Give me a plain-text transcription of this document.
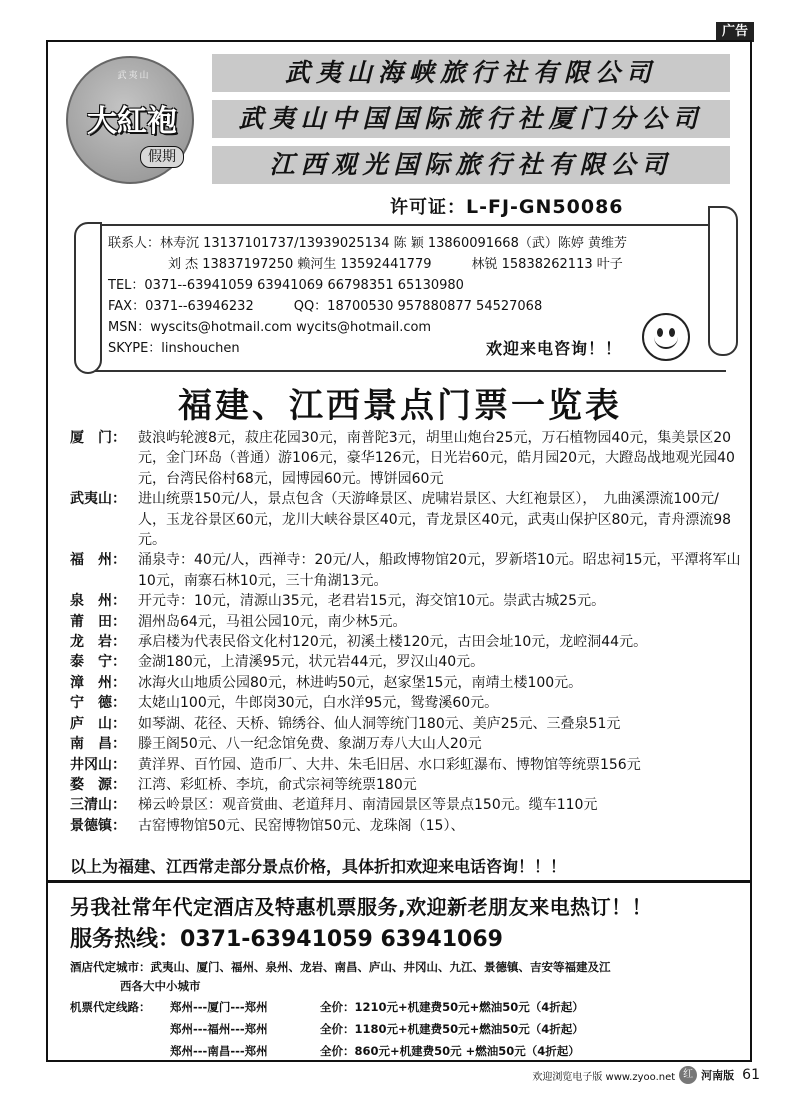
广告
武夷山
大紅袍
假期
武夷山海峡旅行社有限公司
武夷山中国国际旅行社厦门分公司
江西观光国际旅行社有限公司
许可证：L-FJ-GN50086
联系人：林寿沉 13137101737/13939025134 陈 颖 13860091668（武）陈婷 黄维芳
刘 杰 13837197250 赖河生 13592441779	林锐 15838262113 叶子
TEL：0371--63941059 63941069 66798351 65130980
FAX：0371--63946232	QQ：18700530 957880877 54527068
MSN：wyscits@hotmail.com wycits@hotmail.com
SKYPE：linshouchen	欢迎来电咨询！！
福建、江西景点门票一览表
厦　门： 鼓浪屿轮渡8元，菽庄花园30元，南普陀3元，胡里山炮台25元，万石植物园40元，集美景区20元，金门环岛（普通）游106元，豪华126元，日光岩60元，皓月园20元，大蹬岛战地观光园40元，台湾民俗村68元，园博园60元。博饼园60元
武夷山： 进山统票150元/人，景点包含（天游峰景区、虎啸岩景区、大红袍景区），　九曲溪漂流100元/人，玉龙谷景区60元，龙川大峡谷景区40元，青龙景区40元，武夷山保护区80元，青舟漂流98元。
福　州： 涌泉寺：40元/人，西禅寺：20元/人，船政博物馆20元，罗新塔10元。昭忠祠15元，平潭将军山10元，南寨石林10元，三十角湖13元。
泉　州： 开元寺：10元，清源山35元，老君岩15元，海交馆10元。崇武古城25元。
莆　田： 湄州岛64元，马祖公园10元，南少林5元。
龙　岩： 承启楼为代表民俗文化村120元，初溪土楼120元，古田会址10元，龙崆洞44元。
泰　宁： 金湖180元，上清溪95元，状元岩44元，罗汉山40元。
漳　州： 冰海火山地质公园80元，林进屿50元，赵家堡15元，南靖土楼100元。
宁　德： 太姥山100元，牛郎岗30元，白水洋95元，鸳鸯溪60元。
庐　山： 如琴湖、花径、天桥、锦绣谷、仙人洞等统门180元、美庐25元、三叠泉51元
南　昌： 滕王阁50元、八一纪念馆免费、象湖万寿八大山人20元
井冈山： 黄洋界、百竹园、造币厂、大井、朱毛旧居、水口彩虹瀑布、博物馆等统票156元
婺　源： 江湾、彩虹桥、李坑，俞式宗祠等统票180元
三清山： 梯云岭景区：观音赏曲、老道拜月、南清园景区等景点150元。缆车110元
景德镇： 古窑博物馆50元、民窑博物馆50元、龙珠阁（15）、
以上为福建、江西常走部分景点价格，具体折扣欢迎来电话咨询！！！
另我社常年代定酒店及特惠机票服务,欢迎新老朋友来电热订！！
服务热线：0371-63941059 63941069
酒店代定城市：武夷山、厦门、福州、泉州、龙岩、南昌、庐山、井冈山、九江、景德镇、吉安等福建及江
西各大中小城市
机票代定线路：	郑州---厦门---郑州	全价：1210元+机建费50元+燃油50元（4折起）
郑州---福州---郑州	全价：1180元+机建费50元+燃油50元（4折起）
郑州---南昌---郑州	全价：860元+机建费50元 +燃油50元（4折起）
欢迎浏览电子版 www.zyoo.net 红 河南版 61
